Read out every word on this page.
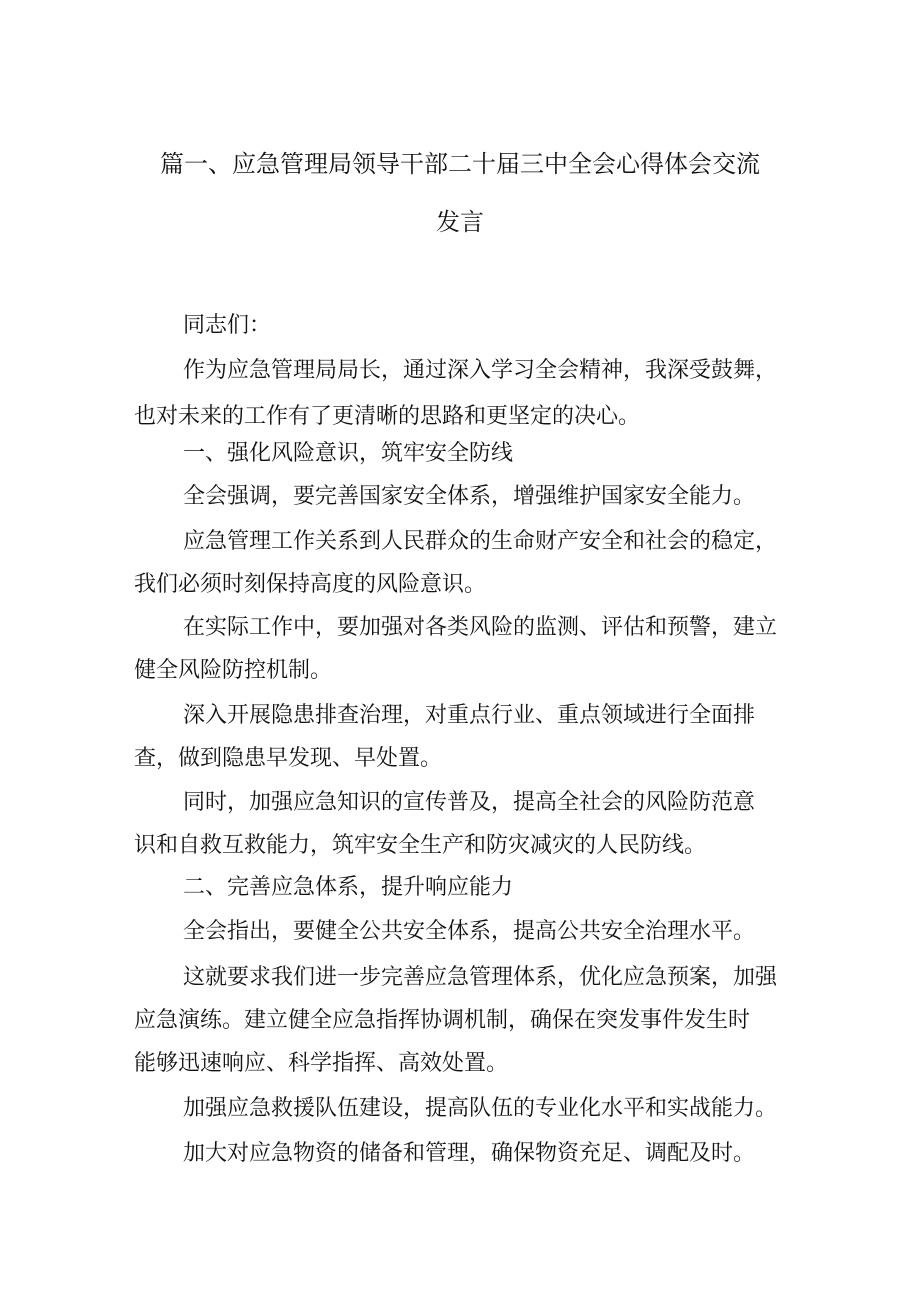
篇一、应急管理局领导干部二十届三中全会心得体会交流
发言
同志们：
作为应急管理局局长，通过深入学习全会精神，我深受鼓舞，
也对未来的工作有了更清晰的思路和更坚定的决心。
一、强化风险意识，筑牢安全防线
全会强调，要完善国家安全体系，增强维护国家安全能力。
应急管理工作关系到人民群众的生命财产安全和社会的稳定，
我们必须时刻保持高度的风险意识。
在实际工作中，要加强对各类风险的监测、评估和预警，建立
健全风险防控机制。
深入开展隐患排查治理，对重点行业、重点领域进行全面排
查，做到隐患早发现、早处置。
同时，加强应急知识的宣传普及，提高全社会的风险防范意
识和自救互救能力，筑牢安全生产和防灾减灾的人民防线。
二、完善应急体系，提升响应能力
全会指出，要健全公共安全体系，提高公共安全治理水平。
这就要求我们进一步完善应急管理体系，优化应急预案，加强
应急演练。建立健全应急指挥协调机制，确保在突发事件发生时
能够迅速响应、科学指挥、高效处置。
加强应急救援队伍建设，提高队伍的专业化水平和实战能力。
加大对应急物资的储备和管理，确保物资充足、调配及时。
